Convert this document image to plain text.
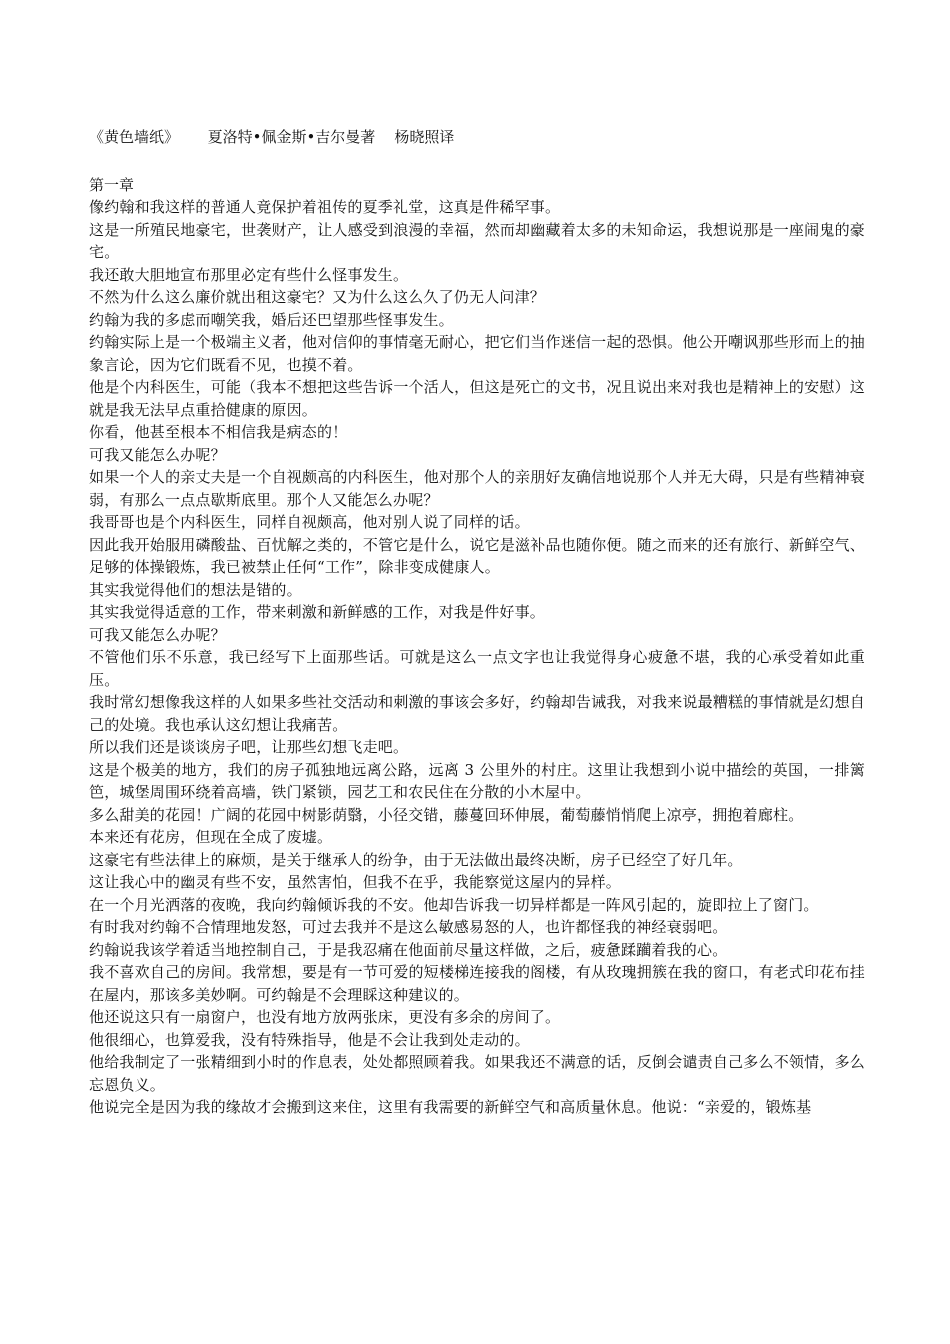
《黄色墙纸》      夏洛特•佩金斯•吉尔曼著    杨晓照译
第一章

像约翰和我这样的普通人竟保护着祖传的夏季礼堂，这真是件稀罕事。

这是一所殖民地豪宅，世袭财产，让人感受到浪漫的幸福，然而却幽藏着太多的未知命运，我想说那是一座闹鬼的豪宅。

我还敢大胆地宣布那里必定有些什么怪事发生。

不然为什么这么廉价就出租这豪宅？又为什么这么久了仍无人问津？

约翰为我的多虑而嘲笑我，婚后还巴望那些怪事发生。

约翰实际上是一个极端主义者，他对信仰的事情毫无耐心，把它们当作迷信一起的恐惧。他公开嘲讽那些形而上的抽象言论，因为它们既看不见，也摸不着。

他是个内科医生，可能（我本不想把这些告诉一个活人，但这是死亡的文书，况且说出来对我也是精神上的安慰）这就是我无法早点重拾健康的原因。

你看，他甚至根本不相信我是病态的！

可我又能怎么办呢？

如果一个人的亲丈夫是一个自视颇高的内科医生，他对那个人的亲朋好友确信地说那个人并无大碍，只是有些精神衰弱，有那么一点点歇斯底里。那个人又能怎么办呢？

我哥哥也是个内科医生，同样自视颇高，他对别人说了同样的话。

因此我开始服用磷酸盐、百忧解之类的，不管它是什么，说它是滋补品也随你便。随之而来的还有旅行、新鲜空气、足够的体操锻炼，我已被禁止任何“工作”，除非变成健康人。

其实我觉得他们的想法是错的。

其实我觉得适意的工作，带来刺激和新鲜感的工作，对我是件好事。

可我又能怎么办呢？

不管他们乐不乐意，我已经写下上面那些话。可就是这么一点文字也让我觉得身心疲惫不堪，我的心承受着如此重压。

我时常幻想像我这样的人如果多些社交活动和刺激的事该会多好，约翰却告诫我，对我来说最糟糕的事情就是幻想自己的处境。我也承认这幻想让我痛苦。

所以我们还是谈谈房子吧，让那些幻想飞走吧。

这是个极美的地方，我们的房子孤独地远离公路，远离 3 公里外的村庄。这里让我想到小说中描绘的英国，一排篱笆，城堡周围环绕着高墙，铁门紧锁，园艺工和农民住在分散的小木屋中。

多么甜美的花园！广阔的花园中树影荫翳，小径交错，藤蔓回环伸展，葡萄藤悄悄爬上凉亭，拥抱着廊柱。

本来还有花房，但现在全成了废墟。

这豪宅有些法律上的麻烦，是关于继承人的纷争，由于无法做出最终决断，房子已经空了好几年。

这让我心中的幽灵有些不安，虽然害怕，但我不在乎，我能察觉这屋内的异样。

在一个月光洒落的夜晚，我向约翰倾诉我的不安。他却告诉我一切异样都是一阵风引起的，旋即拉上了窗门。

有时我对约翰不合情理地发怒，可过去我并不是这么敏感易怒的人，也许都怪我的神经衰弱吧。

约翰说我该学着适当地控制自己，于是我忍痛在他面前尽量这样做，之后，疲惫蹂躏着我的心。

我不喜欢自己的房间。我常想，要是有一节可爱的短楼梯连接我的阁楼，有从玫瑰拥簇在我的窗口，有老式印花布挂在屋内，那该多美妙啊。可约翰是不会理睬这种建议的。

他还说这只有一扇窗户，也没有地方放两张床，更没有多余的房间了。

他很细心，也算爱我，没有特殊指导，他是不会让我到处走动的。

他给我制定了一张精细到小时的作息表，处处都照顾着我。如果我还不满意的话，反倒会谴责自己多么不领情，多么忘恩负义。

他说完全是因为我的缘故才会搬到这来住，这里有我需要的新鲜空气和高质量休息。他说：“亲爱的，锻炼基
